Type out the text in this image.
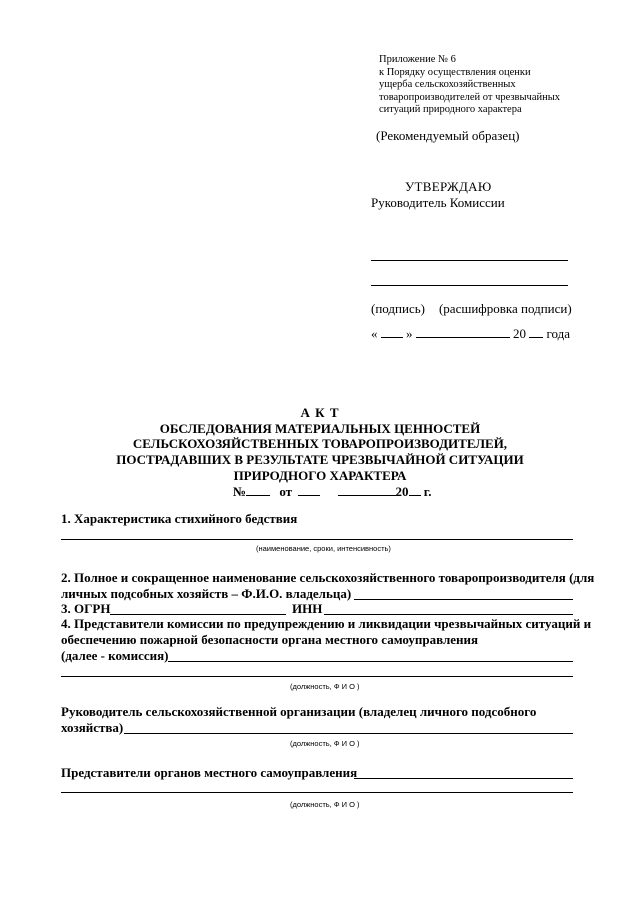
Приложение № 6
к Порядку осуществления оценки
ущерба сельскохозяйственных
товаропроизводителей от чрезвычайных
ситуаций природного характера
(Рекомендуемый образец)
УТВЕРЖДАЮ
Руководитель Комиссии
(подпись) (расшифровка подписи)
« »	20 года
А К Т
ОБСЛЕДОВАНИЯ МАТЕРИАЛЬНЫХ ЦЕННОСТЕЙ
СЕЛЬСКОХОЗЯЙСТВЕННЫХ ТОВАРОПРОИЗВОДИТЕЛЕЙ,
ПОСТРАДАВШИХ В РЕЗУЛЬТАТЕ ЧРЕЗВЫЧАЙНОЙ СИТУАЦИИ
ПРИРОДНОГО ХАРАКТЕРА
№	от	20 г.
1. Характеристика стихийного бедствия
(наименование, сроки, интенсивность)
2. Полное и сокращенное наименование сельскохозяйственного товаропроизводителя (для
личных подсобных хозяйств – Ф.И.О. владельца)
3. ОГРН	ИНН
4. Представители комиссии по предупреждению и ликвидации чрезвычайных ситуаций и
обеспечению пожарной безопасности органа местного самоуправления
(далее - комиссия)
(должность, Ф И О )
Руководитель сельскохозяйственной организации (владелец личного подсобного
хозяйства)
(должность, Ф И О )
Представители органов местного самоуправления
(должность, Ф И О )
